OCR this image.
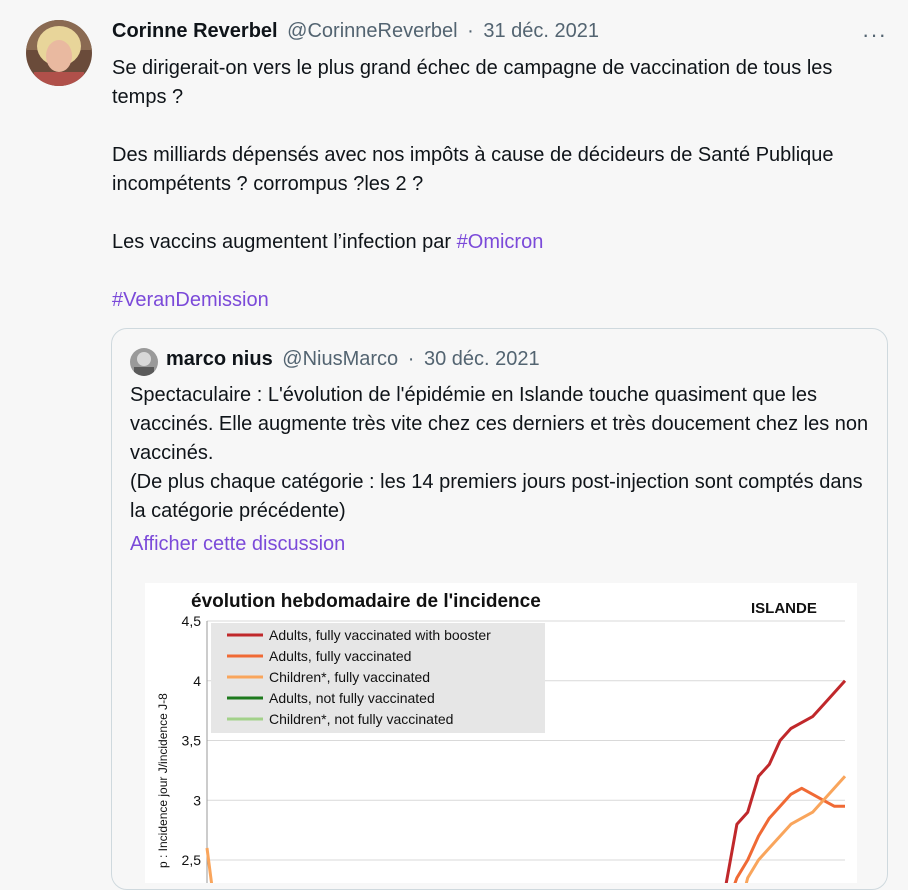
Corinne Reverbel @CorinneReverbel · 31 déc. 2021	···

Se dirigerait-on vers le plus grand échec de campagne de vaccination de tous les temps ?

Des milliards dépensés avec nos impôts à cause de décideurs de Santé Publique incompétents ? corrompus ?les 2 ?

Les vaccins augmentent l’infection par #Omicron

#VeranDemission

marco nius @NiusMarco · 30 déc. 2021

Spectaculaire : L'évolution de l'épidémie en Islande touche quasiment que les vaccinés. Elle augmente très vite chez ces derniers et très doucement chez les non vaccinés.

(De plus chaque catégorie : les 14 premiers jours post-injection sont comptés dans la catégorie précédente)

Afficher cette discussion
évolution hebdomadaire de l'incidence	ISLANDE
p : Incidence jour J/incidence J-8 2,5
3
3,5
4
4,5
Adults, fully vaccinated with booster
Adults, fully vaccinated
Children*, fully vaccinated
Adults, not fully vaccinated
Children*, not fully vaccinated
